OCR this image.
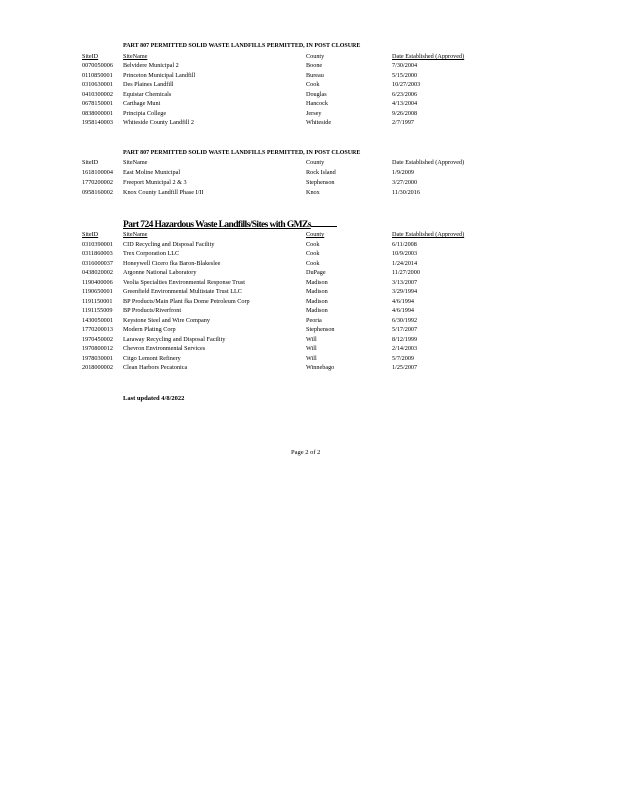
PART 807 PERMITTED SOLID WASTE LANDFILLS PERMITTED, IN POST CLOSURE
SiteID	SiteName	County	Date Established (Approved)
0070050006 Belvidere Municipal 2	Boone	7/30/2004
0110850001 Princeton Municipal Landfill	Bureau	5/15/2000
0310630001 Des Plaines Landfill	Cook	10/27/2003
0410300002 Equistar Chemicals	Douglas	6/23/2006
0678150001 Carthage Muni	Hancock	4/13/2004
0838000001 Principia College	Jersey	9/26/2008
1958140003 Whiteside County Landfill 2	Whiteside	2/7/1997
PART 807 PERMITTED SOLID WASTE LANDFILLS PERMITTED, IN POST CLOSURE
SiteID	SiteName	County	Date Established (Approved)
1618100004 East Moline Municipal	Rock Island	1/9/2009
1770200002 Freeport Municipal 2 & 3	Stephenson	3/27/2000
0958160002 Knox County Landfill Phase I/II	Knox	11/30/2016
Part 724 Hazardous Waste Landfills/Sites with GMZs
SiteID	SiteName	County	Date Established (Approved)
0310390001 CID Recycling and Disposal Facility	Cook	6/11/2008
0311860003 Trex Corporation LLC	Cook	10/9/2003
0316000037 Honeywell Cicero fka Baron-Blakeslee	Cook	1/24/2014
0438020002 Argonne National Laboratory	DuPage	11/27/2000
1190400006 Veolia Specialties Environmental Response Trust	Madison	3/13/2007
1190650001 Greenfield Environmental Multistate Trust LLC	Madison	3/29/1994
1191150001 BP Products/Main Plant fka Dome Petroleum Corp	Madison	4/6/1994
1191155009 BP Products/Riverfront	Madison	4/6/1994
1430050001 Keystone Steel and Wire Company	Peoria	6/30/1992
1770200013 Modern Plating Corp	Stephenson	5/17/2007
1970450002 Laraway Recycling and Disposal Facility	Will	8/12/1999
1970800012 Chevron Environmental Services	Will	2/14/2003
1978030001 Citgo Lemont Refinery	Will	5/7/2009
2018000002 Clean Harbors Pecatonica	Winnebago	1/25/2007
Last updated 4/8/2022
Page 2 of 2
